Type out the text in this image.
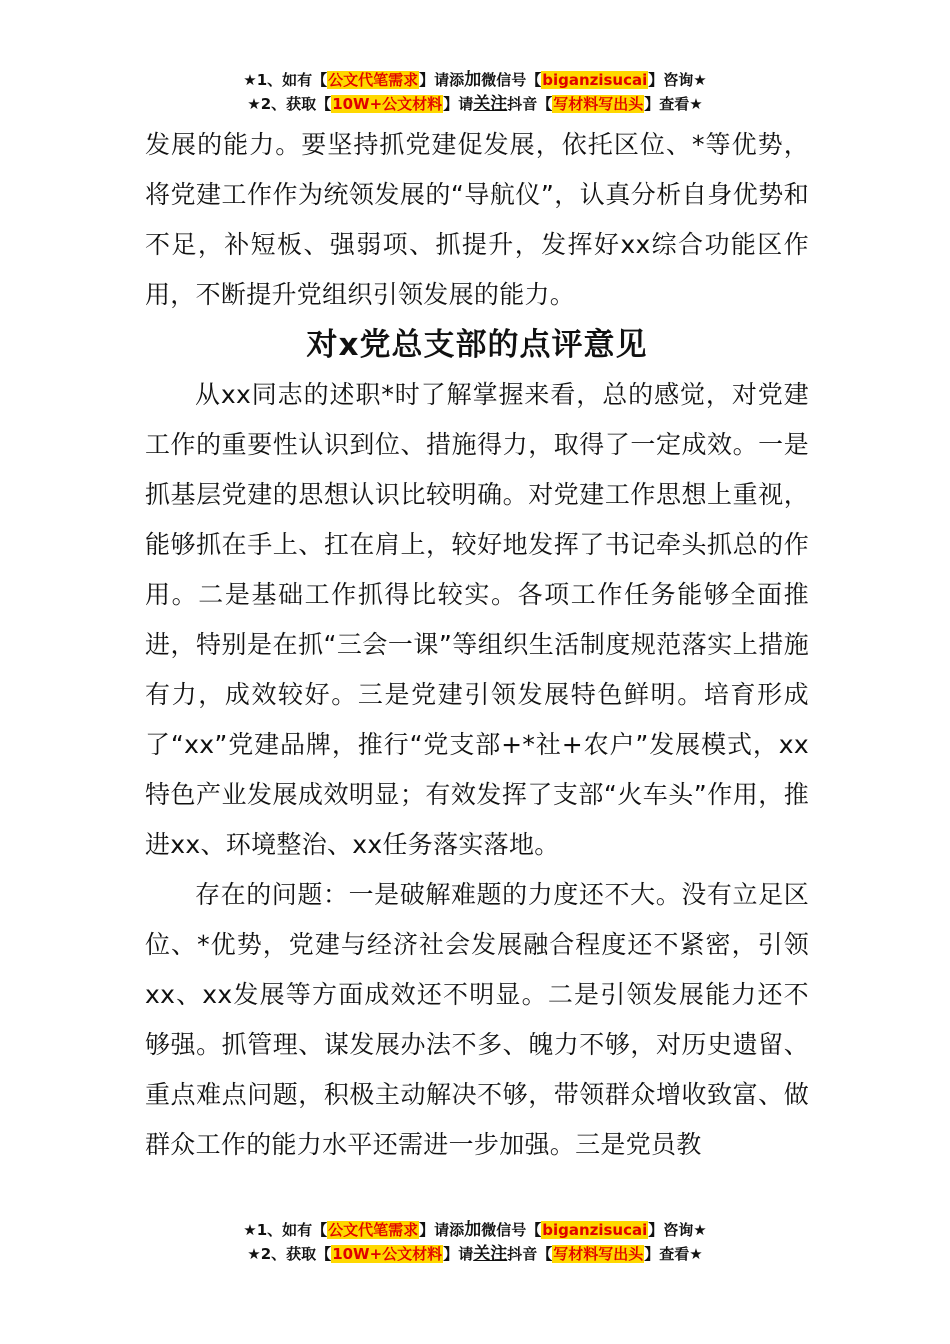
★1、如有【公文代笔需求】请添加微信号【biganzisucai】咨询★
★2、获取【10W+公文材料】请关注抖音【写材料写出头】查看★

发展的能力。要坚持抓党建促发展，依托区位、*等优势，将党建工作作为统领发展的“导航仪”，认真分析自身优势和不足，补短板、强弱项、抓提升，发挥好xx综合功能区作用，不断提升党组织引领发展的能力。

对x党总支部的点评意见

从xx同志的述职*时了解掌握来看，总的感觉，对党建工作的重要性认识到位、措施得力，取得了一定成效。一是抓基层党建的思想认识比较明确。对党建工作思想上重视，能够抓在手上、扛在肩上，较好地发挥了书记牵头抓总的作用。二是基础工作抓得比较实。各项工作任务能够全面推进，特别是在抓“三会一课”等组织生活制度规范落实上措施有力，成效较好。三是党建引领发展特色鲜明。培育形成了“xx”党建品牌，推行“党支部+*社+农户”发展模式，xx特色产业发展成效明显；有效发挥了支部“火车头”作用，推进xx、环境整治、xx任务落实落地。

存在的问题：一是破解难题的力度还不大。没有立足区位、*优势，党建与经济社会发展融合程度还不紧密，引领xx、xx发展等方面成效还不明显。二是引领发展能力还不够强。抓管理、谋发展办法不多、魄力不够，对历史遗留、重点难点问题，积极主动解决不够，带领群众增收致富、做群众工作的能力水平还需进一步加强。三是党员教

★1、如有【公文代笔需求】请添加微信号【biganzisucai】咨询★
★2、获取【10W+公文材料】请关注抖音【写材料写出头】查看★
